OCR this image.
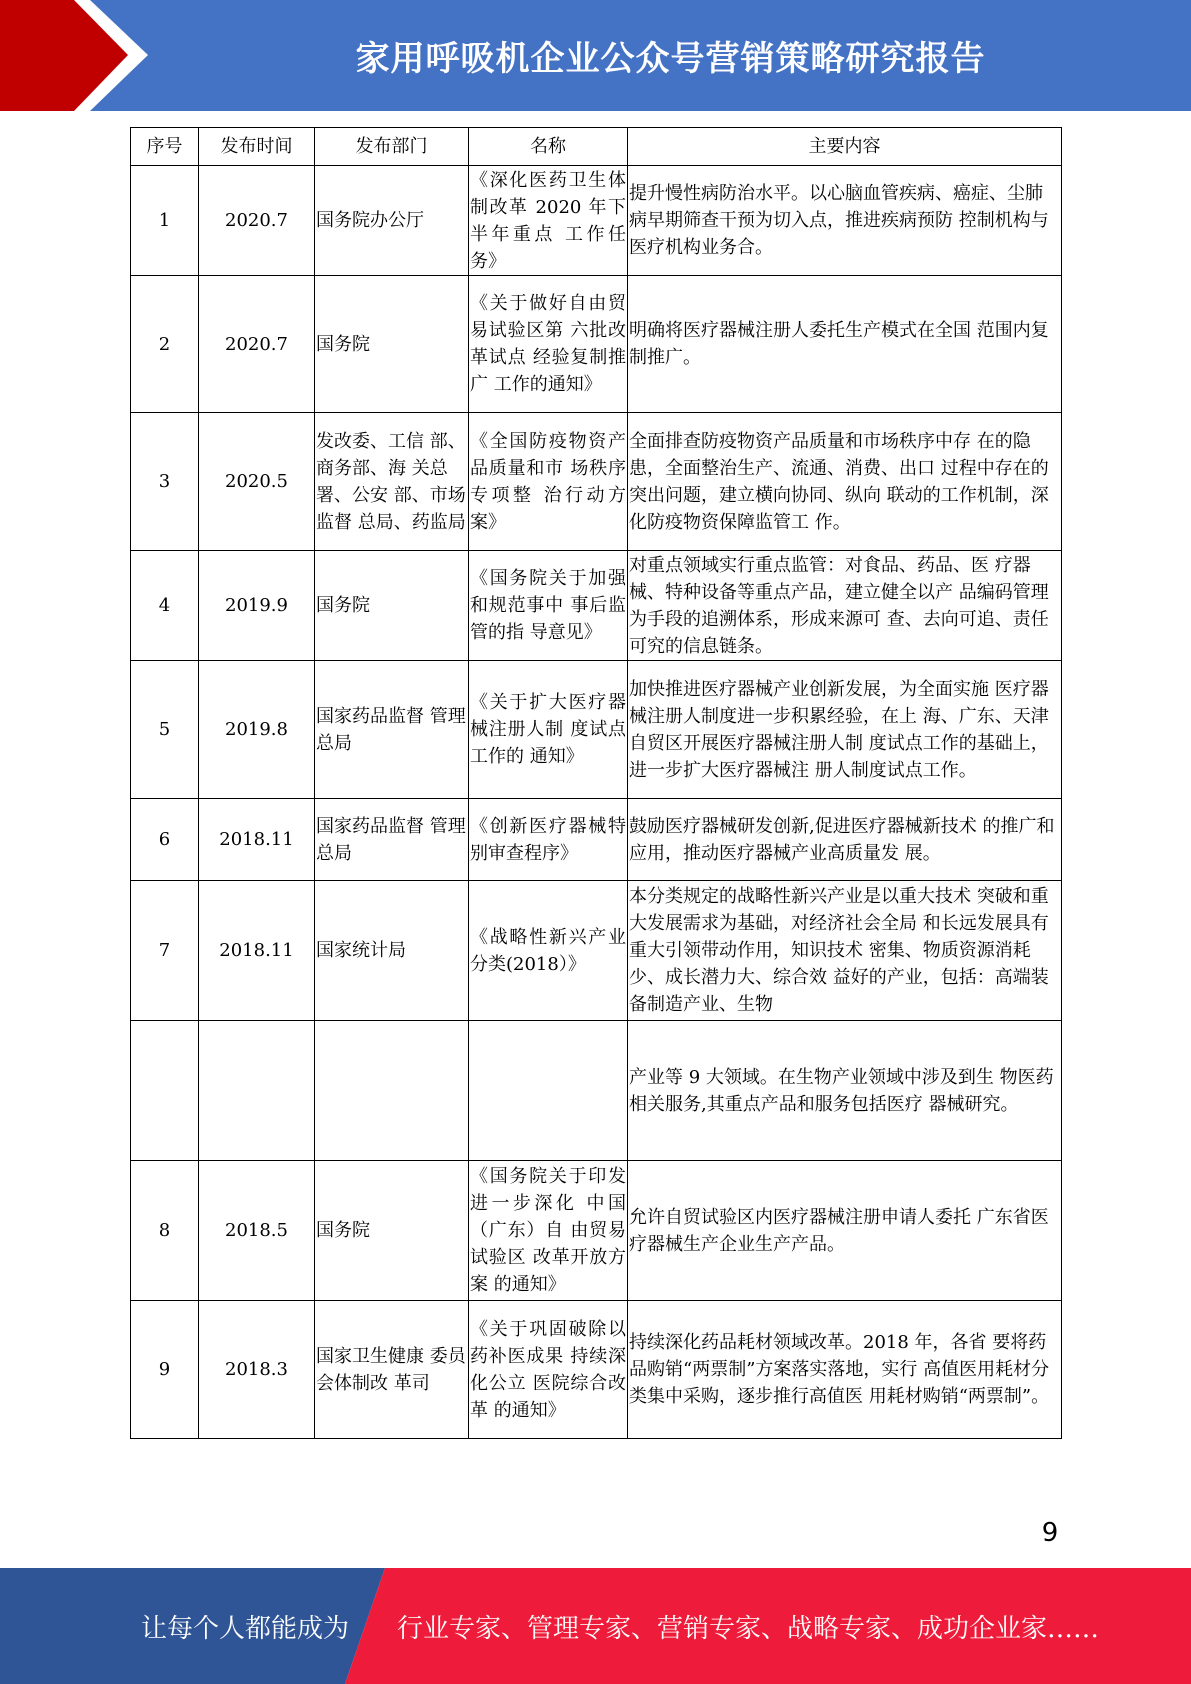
家用呼吸机企业公众号营销策略研究报告
序号	发布时间	发布部门	名称	主要内容
1	2020.7	国务院办公厅	《深化医药卫生体制改革 2020 年下半年重点 工作任务》	提升慢性病防治水平。以心脑血管疾病、癌症、尘肺病早期筛查干预为切入点，推进疾病预防 控制机构与医疗机构业务合。
2	2020.7	国务院	《关于做好自由贸易试验区第 六批改革试点 经验复制推广 工作的通知》	明确将医疗器械注册人委托生产模式在全国 范围内复制推广。
3	2020.5	发改委、工信 部、商务部、海 关总署、公安 部、市场监督 总局、药监局	《全国防疫物资产品质量和市 场秩序专项整 治行动方案》	全面排查防疫物资产品质量和市场秩序中存 在的隐患，全面整治生产、流通、消费、出口 过程中存在的突出问题，建立横向协同、纵向 联动的工作机制，深化防疫物资保障监管工 作。
4	2019.9	国务院	《国务院关于加强和规范事中 事后监管的指 导意见》	对重点领域实行重点监管：对食品、药品、医 疗器械、特种设备等重点产品，建立健全以产 品编码管理为手段的追溯体系，形成来源可 查、去向可追、责任可究的信息链条。
5	2019.8	国家药品监督 管理总局	《关于扩大医疗器械注册人制 度试点工作的 通知》	加快推进医疗器械产业创新发展，为全面实施 医疗器械注册人制度进一步积累经验，在上 海、广东、天津自贸区开展医疗器械注册人制 度试点工作的基础上，进一步扩大医疗器械注 册人制度试点工作。
6	2018.11	国家药品监督 管理总局	《创新医疗器械特别审查程序》	鼓励医疗器械研发创新,促进医疗器械新技术 的推广和应用，推动医疗器械产业高质量发 展。
7	2018.11	国家统计局	《战略性新兴产业分类(2018）》	本分类规定的战略性新兴产业是以重大技术 突破和重大发展需求为基础，对经济社会全局 和长远发展具有重大引领带动作用，知识技术 密集、物质资源消耗少、成长潜力大、综合效 益好的产业，包括：高端装备制造产业、生物
				产业等 9 大领域。在生物产业领域中涉及到生 物医药相关服务,其重点产品和服务包括医疗 器械研究。
8	2018.5	国务院	《国务院关于印发进一步深化 中国（广东）自 由贸易试验区 改革开放方案 的通知》	允许自贸试验区内医疗器械注册申请人委托 广东省医疗器械生产企业生产产品。
9	2018.3	国家卫生健康 委员会体制改 革司	《关于巩固破除以药补医成果 持续深化公立 医院综合改革 的通知》	持续深化药品耗材领域改革。2018 年，各省 要将药品购销“两票制”方案落实落地，实行 高值医用耗材分类集中采购，逐步推行高值医 用耗材购销“两票制”。
9
让每个人都能成为	行业专家、管理专家、营销专家、战略专家、成功企业家……
